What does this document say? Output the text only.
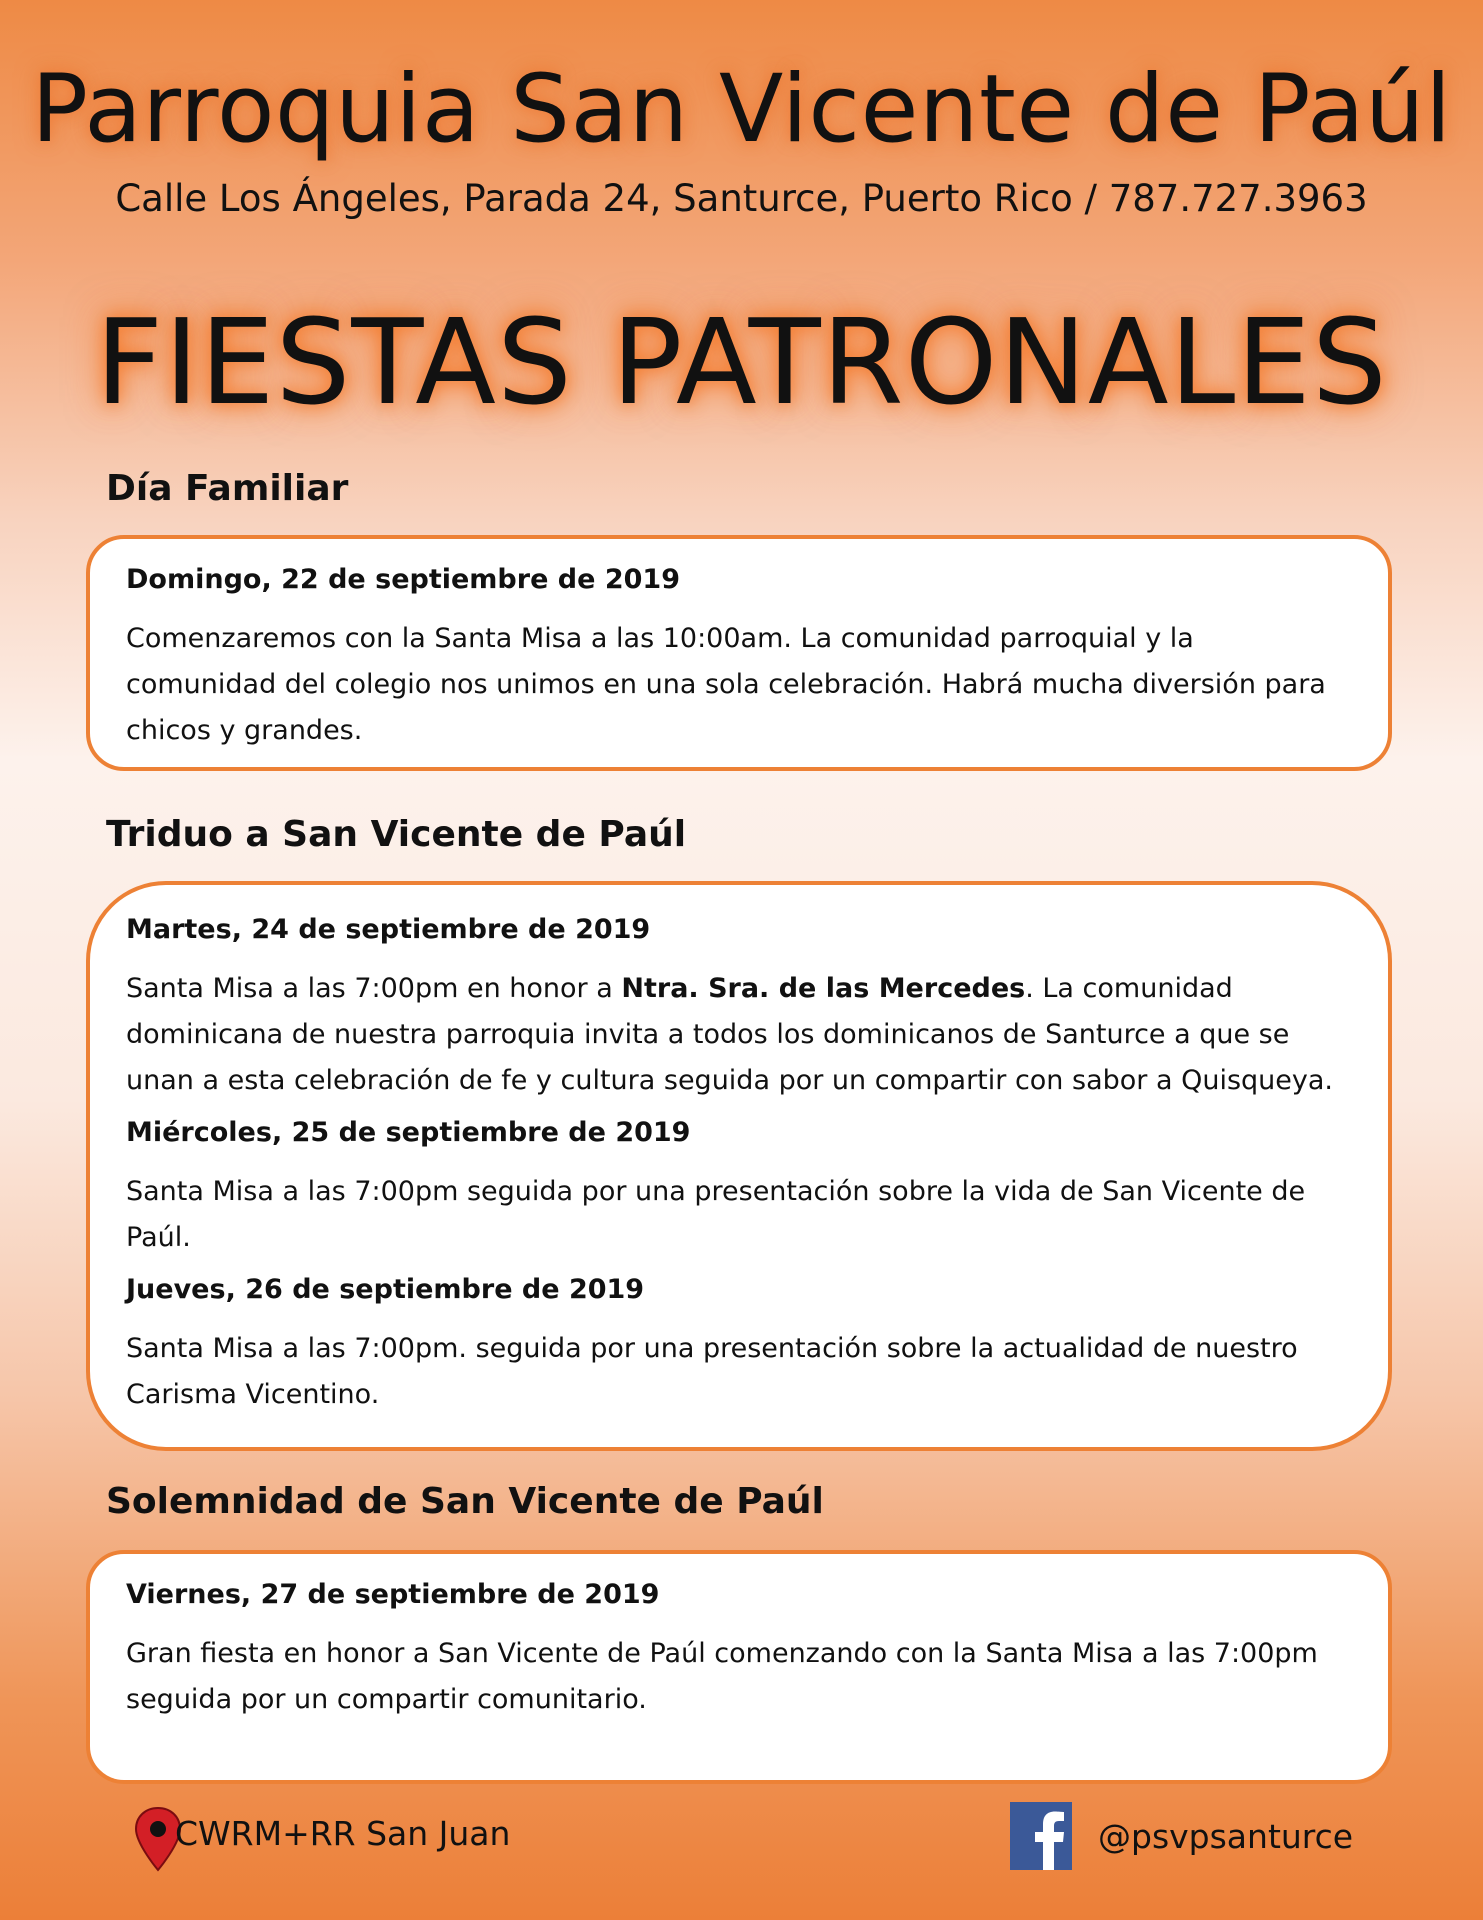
Parroquia San Vicente de Paúl
Calle Los Ángeles, Parada 24, Santurce, Puerto Rico / 787.727.3963
FIESTAS PATRONALES
Día Familiar
Domingo, 22 de septiembre de 2019
Comenzaremos con la Santa Misa a las 10:00am. La comunidad parroquial y la comunidad del colegio nos unimos en una sola celebración. Habrá mucha diversión para chicos y grandes.
Triduo a San Vicente de Paúl
Martes, 24 de septiembre de 2019
Santa Misa a las 7:00pm en honor a Ntra. Sra. de las Mercedes. La comunidad dominicana de nuestra parroquia invita a todos los dominicanos de Santurce a que se unan a esta celebración de fe y cultura seguida por un compartir con sabor a Quisqueya.
Miércoles, 25 de septiembre de 2019
Santa Misa a las 7:00pm seguida por una presentación sobre la vida de San Vicente de Paúl.
Jueves, 26 de septiembre de 2019
Santa Misa a las 7:00pm. seguida por una presentación sobre la actualidad de nuestro Carisma Vicentino.
Solemnidad de San Vicente de Paúl
Viernes, 27 de septiembre de 2019
Gran fiesta en honor a San Vicente de Paúl comenzando con la Santa Misa a las 7:00pm seguida por un compartir comunitario.
CWRM+RR San Juan	@psvpsanturce
